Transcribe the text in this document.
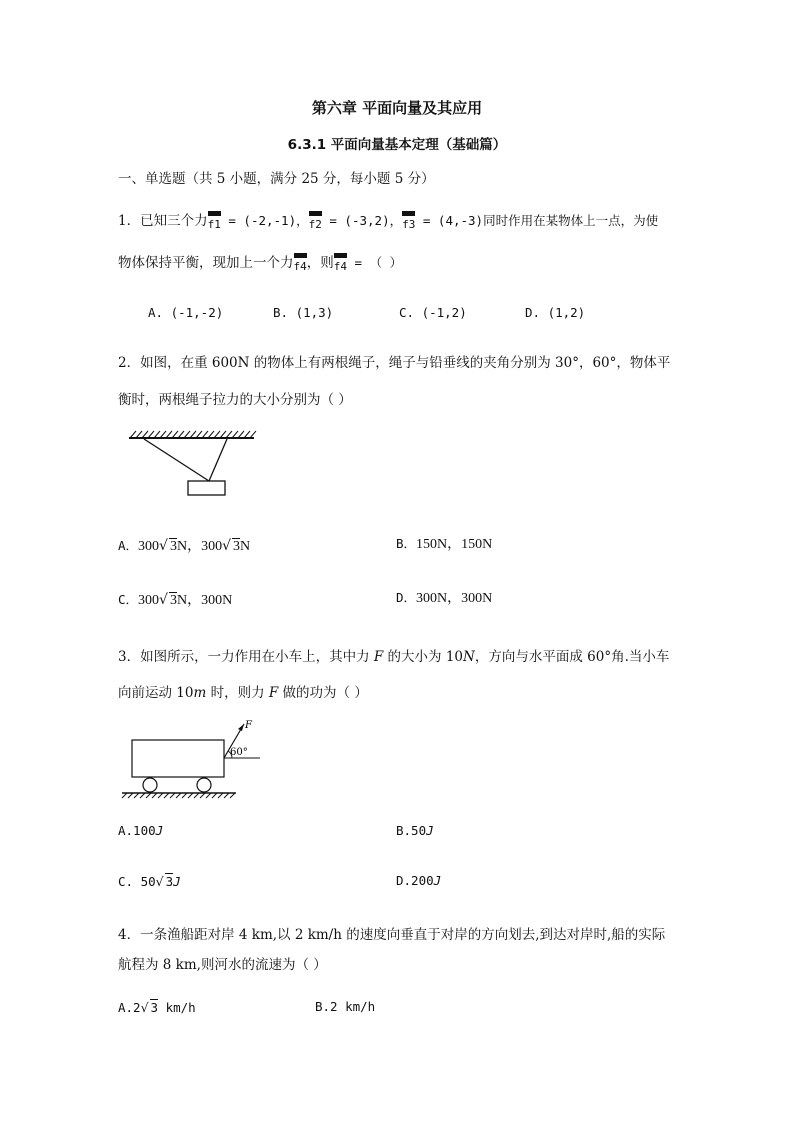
第六章 平面向量及其应用
6.3.1 平面向量基本定理（基础篇）
一、单选题（共 5 小题，满分 25 分，每小题 5 分）
1．已知三个力f1 = (-2,-1)，f2 = (-3,2)，f3 = (4,-3)同时作用在某物体上一点，为使
物体保持平衡，现加上一个力f4，则f4 = （ ）
A. (-1,-2)	B. (1,3)	C. (-1,2)	D. (1,2)
2．如图，在重 600N 的物体上有两根绳子，绳子与铅垂线的夹角分别为 30°，60°，物体平
衡时，两根绳子拉力的大小分别为（ ）
A．300√ 3N，300√ 3N	B．150N，150N
C．300√ 3N，300N	D．300N，300N
3．如图所示，一力作用在小车上，其中力 F 的大小为 10N，方向与水平面成 60°角.当小车
向前运动 10m 时，则力 F 做的功为（ ）
F
60°
A.100J	B.50J
C. 50√ 3J	D.200J
4．一条渔船距对岸 4 km,以 2 km/h 的速度向垂直于对岸的方向划去,到达对岸时,船的实际
航程为 8 km,则河水的流速为（ ）
A.2√ 3 km/h	B.2 km/h
